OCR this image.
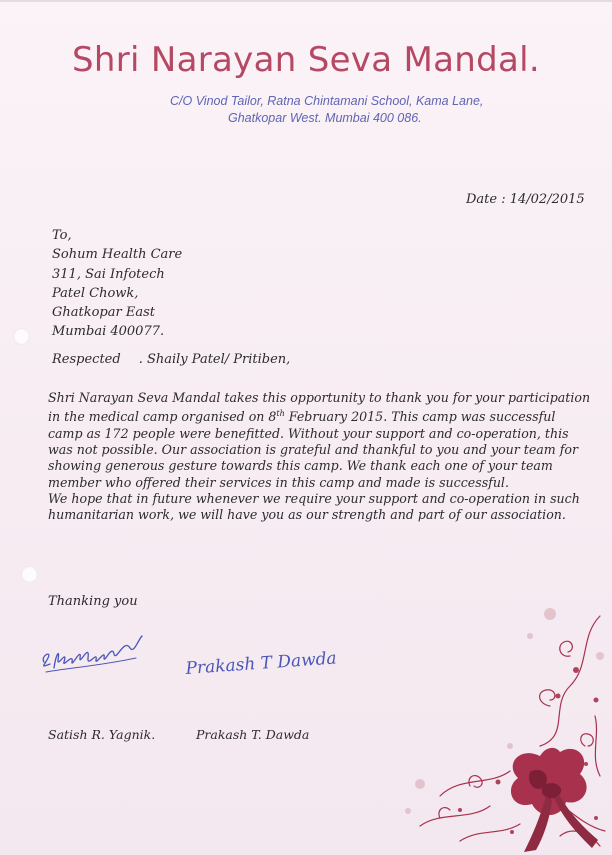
Shri Narayan Seva Mandal.
C/O Vinod Tailor, Ratna Chintamani School, Kama Lane,
Ghatkopar West. Mumbai 400 086.
Date : 14/02/2015
To,
Sohum Health Care
311, Sai Infotech
Patel Chowk,
Ghatkopar East
Mumbai 400077.
Respected . Shaily Patel/ Pritiben,

Shri Narayan Seva Mandal takes this opportunity to thank you for your participation in the medical camp organised on 8th February 2015. This camp was successful camp as 172 people were benefitted. Without your support and co-operation, this was not possible. Our association is grateful and thankful to you and your team for showing generous gesture towards this camp. We thank each one of your team member who offered their services in this camp and made is successful.

We hope that in future whenever we require your support and co-operation in such humanitarian work, we will have you as our strength and part of our association.

Thanking you
Prakash T Dawda
Satish R. Yagnik.	Prakash T. Dawda
